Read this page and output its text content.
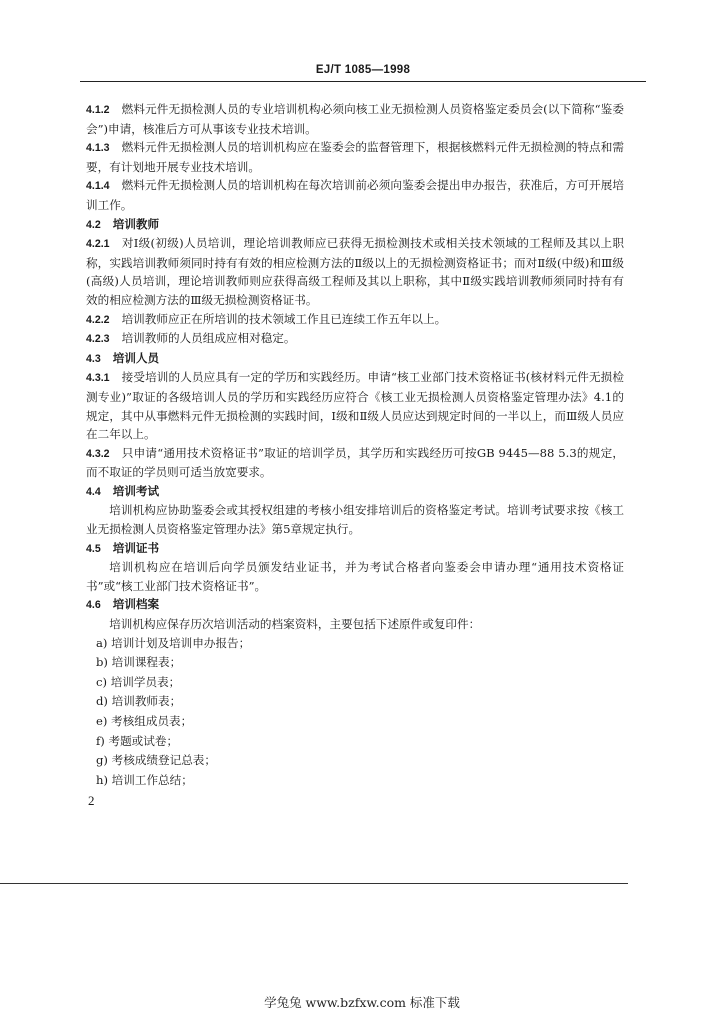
EJ/T 1085—1998

4.1.2 燃料元件无损检测人员的专业培训机构必须向核工业无损检测人员资格鉴定委员会(以下简称“鉴委会”)申请，核准后方可从事该专业技术培训。

4.1.3 燃料元件无损检测人员的培训机构应在鉴委会的监督管理下，根据核燃料元件无损检测的特点和需要，有计划地开展专业技术培训。

4.1.4 燃料元件无损检测人员的培训机构在每次培训前必须向鉴委会提出申办报告，获准后，方可开展培训工作。

4.2 培训教师

4.2.1 对Ⅰ级(初级)人员培训，理论培训教师应已获得无损检测技术或相关技术领域的工程师及其以上职称，实践培训教师须同时持有有效的相应检测方法的Ⅱ级以上的无损检测资格证书；而对Ⅱ级(中级)和Ⅲ级(高级)人员培训，理论培训教师则应获得高级工程师及其以上职称，其中Ⅱ级实践培训教师须同时持有有效的相应检测方法的Ⅲ级无损检测资格证书。

4.2.2 培训教师应正在所培训的技术领域工作且已连续工作五年以上。

4.2.3 培训教师的人员组成应相对稳定。

4.3 培训人员

4.3.1 接受培训的人员应具有一定的学历和实践经历。申请“核工业部门技术资格证书(核材料元件无损检测专业)”取证的各级培训人员的学历和实践经历应符合《核工业无损检测人员资格鉴定管理办法》4.1的规定，其中从事燃料元件无损检测的实践时间，Ⅰ级和Ⅱ级人员应达到规定时间的一半以上，而Ⅲ级人员应在二年以上。

4.3.2 只申请“通用技术资格证书”取证的培训学员，其学历和实践经历可按GB 9445—88 5.3的规定，而不取证的学员则可适当放宽要求。

4.4 培训考试

培训机构应协助鉴委会或其授权组建的考核小组安排培训后的资格鉴定考试。培训考试要求按《核工业无损检测人员资格鉴定管理办法》第5章规定执行。

4.5 培训证书

培训机构应在培训后向学员颁发结业证书，并为考试合格者向鉴委会申请办理“通用技术资格证书”或“核工业部门技术资格证书”。

4.6 培训档案

培训机构应保存历次培训活动的档案资料，主要包括下述原件或复印件：

a) 培训计划及培训申办报告；
b) 培训课程表；
c) 培训学员表；
d) 培训教师表；
e) 考核组成员表；
f) 考题或试卷；
g) 考核成绩登记总表；
h) 培训工作总结；
2
学兔兔 www.bzfxw.com 标准下载
